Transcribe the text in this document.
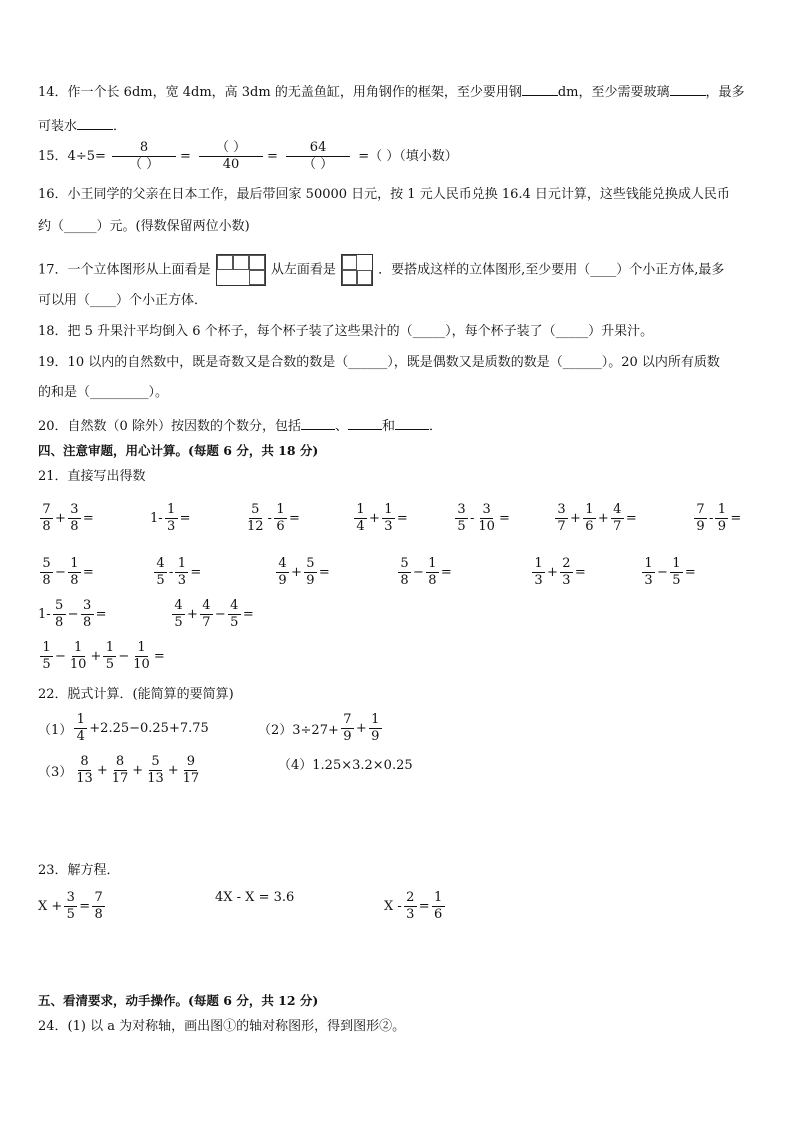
14．作一个长 6dm，宽 4dm，高 3dm 的无盖鱼缸，用角钢作的框架，至少要用钢	dm，至少需要玻璃	，最多
可装水	．
15．$4\div 5= \frac{8}{( )} = \frac{( )}{40} = \frac{64}{( )}$ =（ ）（填小数）
16．小王同学的父亲在日本工作，最后带回家 50000 日元，按 1 元人民币兑换 16.4 日元计算，这些钱能兑换成人民币
约（_____）元。(得数保留两位小数)
17．一个立体图形从上面看是	从左面看是	．要搭成这样的立体图形,至少要用（____）个小正方体,最多
可以用（____）个小正方体．
18．把 5 升果汁平均倒入 6 个杯子，每个杯子装了这些果汁的（_____），每个杯子装了（_____）升果汁。
19．10 以内的自然数中，既是奇数又是合数的数是（______），既是偶数又是质数的数是（______）。20 以内所有质数
的和是（_________）。
20．自然数（0 除外）按因数的个数分，包括	、	和	．
四、注意审题，用心计算。(每题 6 分，共 18 分)
21．直接写出得数
$\frac{7}{8} + \frac{3}{8}$ =	$1- \frac{1}{3}$ =	$\frac{5}{12} - \frac{1}{6}$ =	$\frac{1}{4} + \frac{1}{3}$ =	$\frac{3}{5} - \frac{3}{10}$ =	$\frac{3}{7} + \frac{1}{6} + \frac{4}{7}$ =	$\frac{7}{9} - \frac{1}{9}$ =
$\frac{5}{8} - \frac{1}{8}$ =	$\frac{4}{5} - \frac{1}{3}$ =	$\frac{4}{9} + \frac{5}{9}$ =	$\frac{5}{8} - \frac{1}{8}$ =	$\frac{1}{3} + \frac{2}{3}$ =	$\frac{1}{3} - \frac{1}{5}$ =
$1- \frac{5}{8} - \frac{3}{8}$ =	$\frac{4}{5} + \frac{4}{7} - \frac{4}{5}$ =
$\frac{1}{5} - \frac{1}{10} + \frac{1}{5} - \frac{1}{10}$ =
22．脱式计算．(能简算的要简算)
$(1) \frac{1}{4} +2.25-0.25+7.75$	$(2)3\div 27+ \frac{7}{9} + \frac{1}{9}$
$(3) \frac{8}{13} + \frac{8}{17} + \frac{5}{13} + \frac{9}{17}$	（4）1.25×3.2×0.25
23．解方程．
$X + \frac{3}{5} = \frac{7}{8}$	4X - X = 3.6
$X - \frac{2}{3} = \frac{1}{6}$
五、看清要求，动手操作。(每题 6 分，共 12 分)
24．(1) 以 a 为对称轴，画出图①的轴对称图形，得到图形②。
